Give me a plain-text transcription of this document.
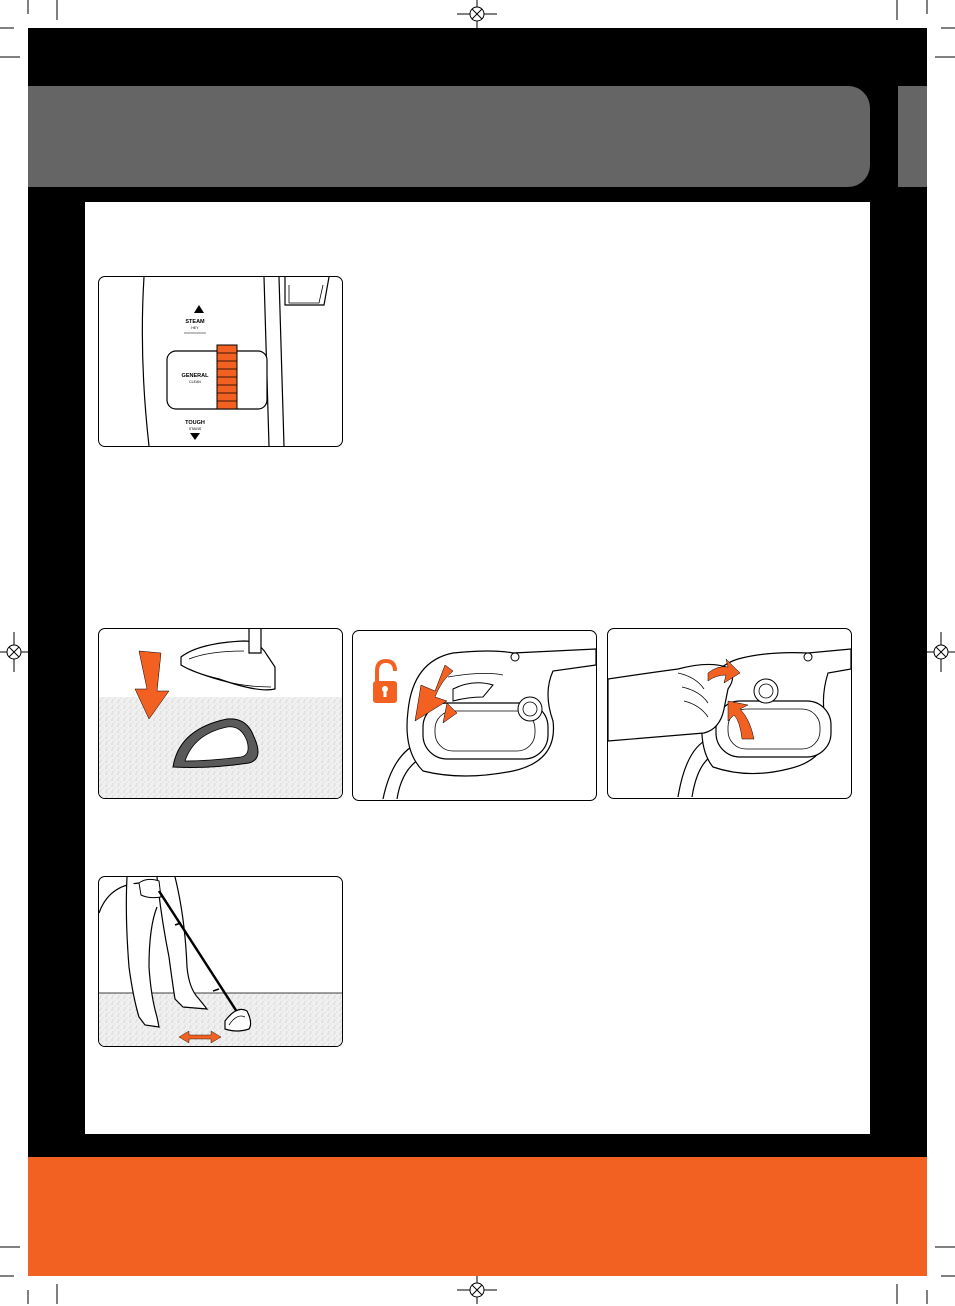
STEAM
HEY
GENERAL
CLEAN
TOUGH
STAINS
